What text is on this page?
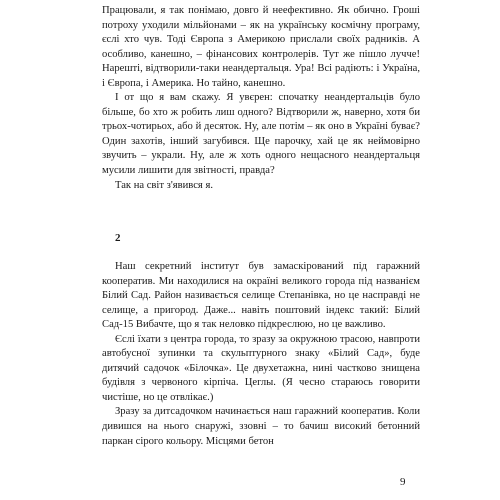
Працювали, я так понімаю, довго й неефективно. Як обично. Гроші потроху уходили мільйонами – як на українську космічну програму, єслі хто чув. Тоді Європа з Америкою прислали своїх радників. А особливо, канешно, – фінансових контролерів. Тут же пішло лучче! Нарешті, відтворили-таки неандертальця. Ура! Всі радіють: і Україна, і Європа, і Америка. Но тайно, канешно.

І от що я вам скажу. Я увєрен: спочатку неандертальців було більше, бо хто ж робить лиш одного? Відтворили ж, наверно, хотя би трьох-чотирьох, або й десяток. Ну, але потім – як оно в Україні буває? Один захотів, інший загубився. Ще парочку, хай це як неймовірно звучить – украли. Ну, але ж хоть одного нещасного неандертальця мусили лишити для звітності, правда?

Так на світ з'явився я.

2

Наш секретний інститут був замаскірований під гаражний кооператив. Ми находилися на окраїні великого города під названієм Білий Сад. Район називається селище Степанівка, но це насправді не селище, а пригород. Даже... навіть поштовий індекс такий: Білий Сад-15 Вибачте, що я так неловко підкреслюю, но це важливо.

Єслі їхати з центра города, то зразу за окружною трасою, навпроти автобусної зупинки та скульптурного знаку «Білий Сад», буде дитячий садочок «Білочка». Це двухетажна, нині частково знищена будівля з червоного кірпіча. Цеглы. (Я чесно стараюсь говорити чистіше, но це отвлікає.)

Зразу за дитсадочком начинається наш гаражний кооператив. Коли дивишся на нього снаружі, ззовні – то бачиш високий бетонний паркан сірого кольору. Місцями бетон

9
